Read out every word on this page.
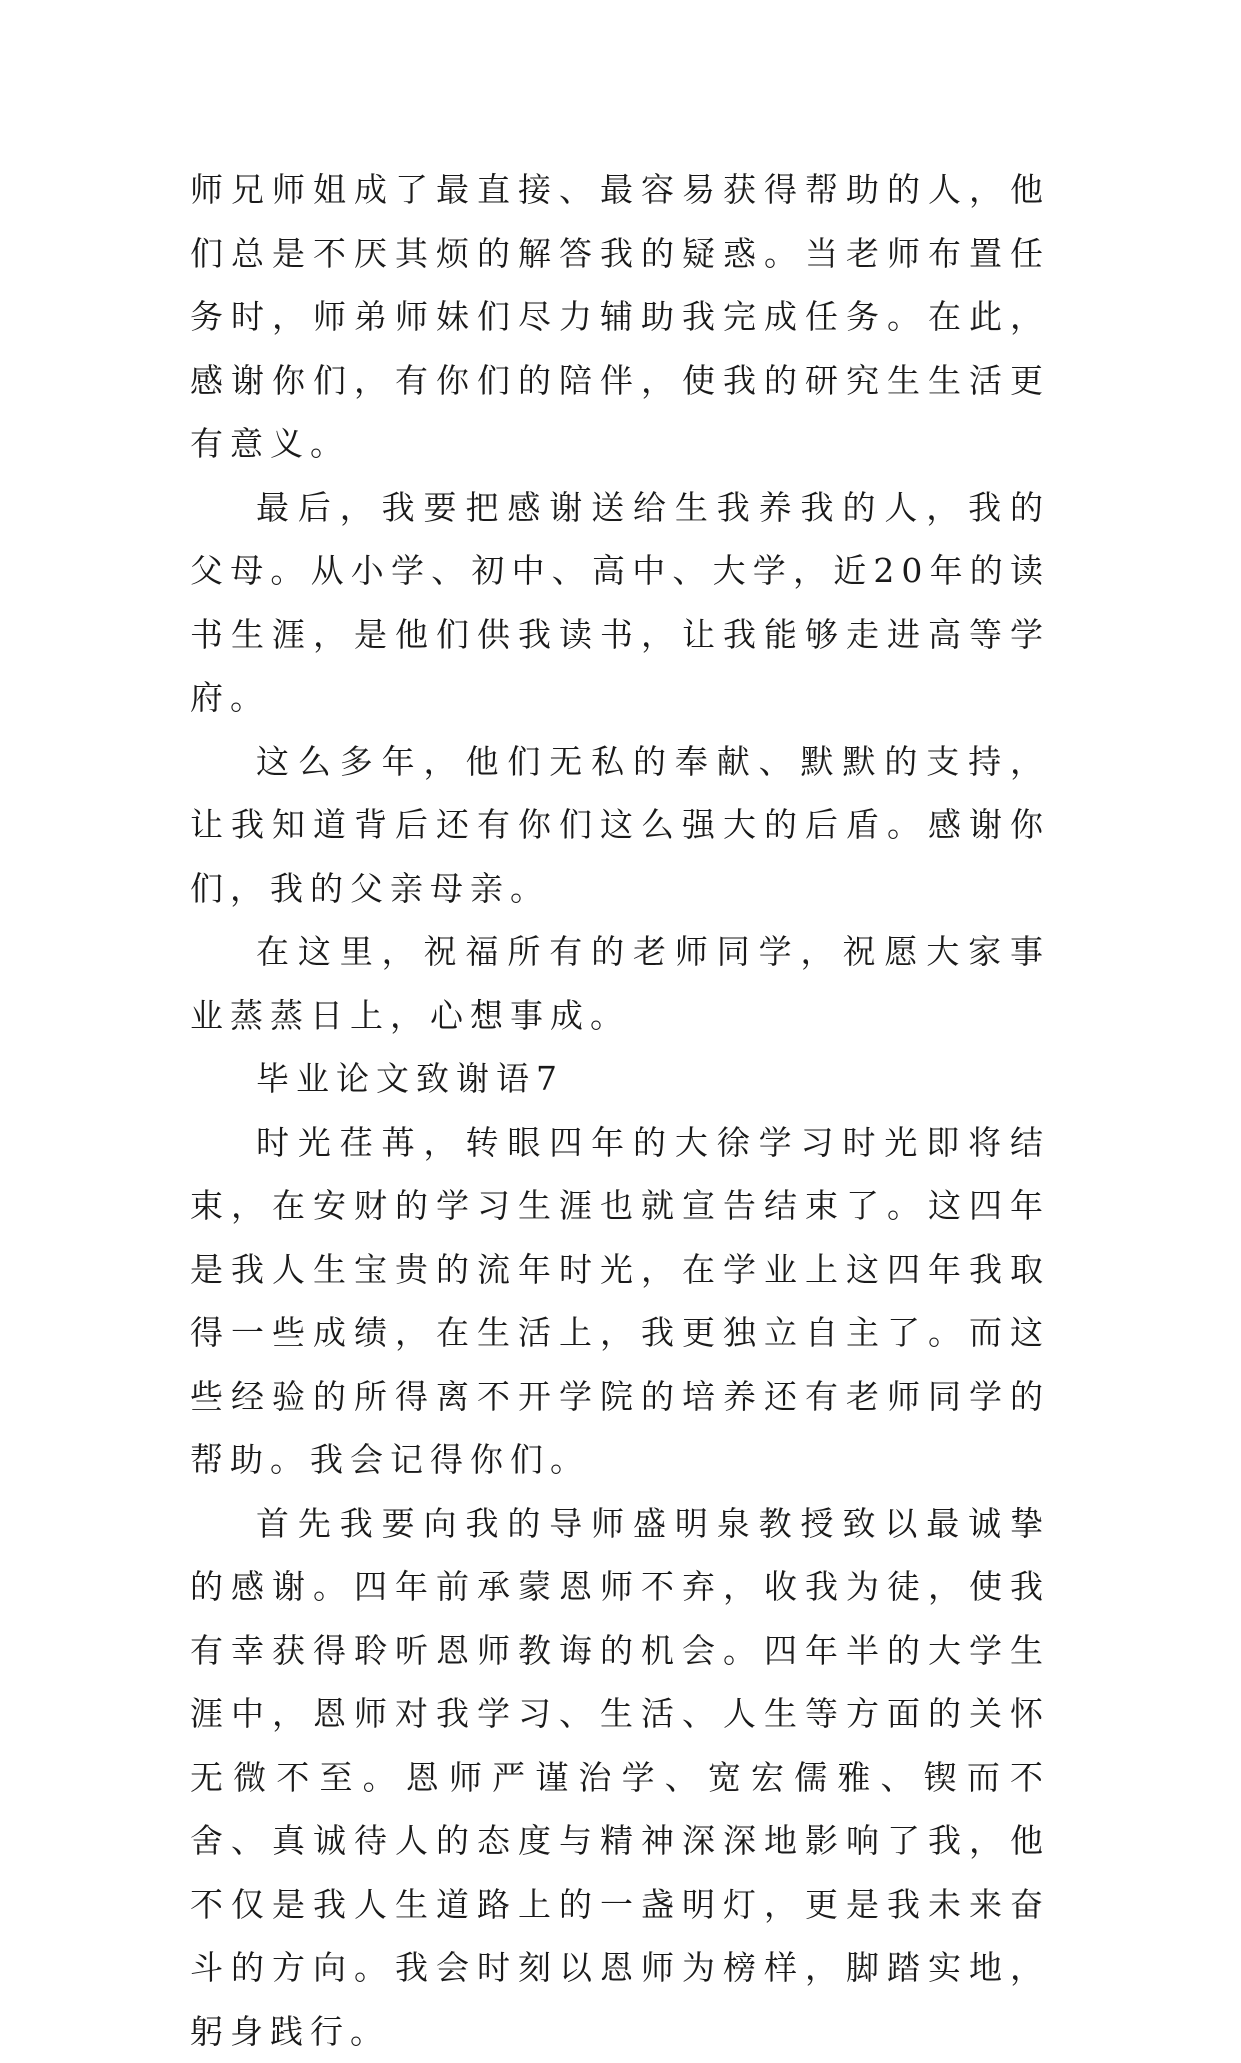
师兄师姐成了最直接、最容易获得帮助的人，他们总是不厌其烦的解答我的疑惑。当老师布置任务时，师弟师妹们尽力辅助我完成任务。在此，感谢你们，有你们的陪伴，使我的研究生生活更有意义。

最后，我要把感谢送给生我养我的人，我的父母。从小学、初中、高中、大学，近20年的读书生涯，是他们供我读书，让我能够走进高等学府。

这么多年，他们无私的奉献、默默的支持，让我知道背后还有你们这么强大的后盾。感谢你们，我的父亲母亲。

在这里，祝福所有的老师同学，祝愿大家事业蒸蒸日上，心想事成。

毕业论文致谢语7

时光荏苒，转眼四年的大徐学习时光即将结束，在安财的学习生涯也就宣告结束了。这四年是我人生宝贵的流年时光，在学业上这四年我取得一些成绩，在生活上，我更独立自主了。而这些经验的所得离不开学院的培养还有老师同学的帮助。我会记得你们。

首先我要向我的导师盛明泉教授致以最诚挚的感谢。四年前承蒙恩师不弃，收我为徒，使我有幸获得聆听恩师教诲的机会。四年半的大学生涯中，恩师对我学习、生活、人生等方面的关怀无微不至。恩师严谨治学、宽宏儒雅、锲而不舍、真诚待人的态度与精神深深地影响了我，他不仅是我人生道路上的一盏明灯，更是我未来奋斗的方向。我会时刻以恩师为榜样，脚踏实地，躬身践行。
